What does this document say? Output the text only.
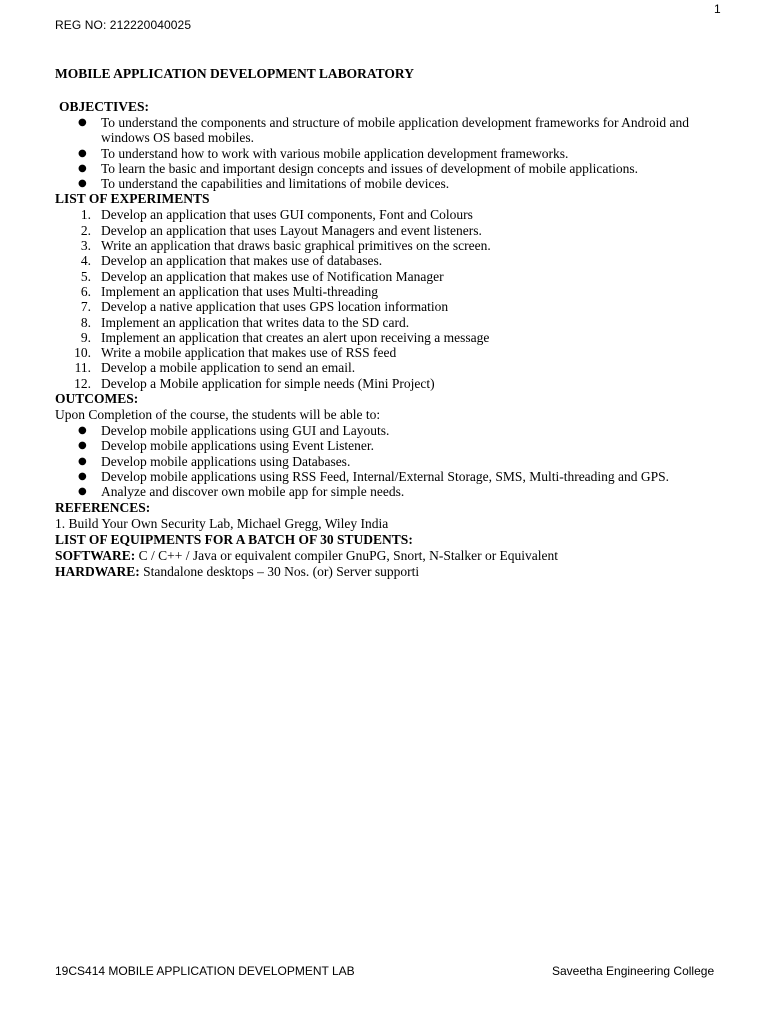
1
REG NO: 212220040025
MOBILE APPLICATION DEVELOPMENT LABORATORY
OBJECTIVES:
● To understand the components and structure of mobile application development frameworks for Android and windows OS based mobiles.
● To understand how to work with various mobile application development frameworks.
● To learn the basic and important design concepts and issues of development of mobile applications.
● To understand the capabilities and limitations of mobile devices.
LIST OF EXPERIMENTS
1. Develop an application that uses GUI components, Font and Colours
2. Develop an application that uses Layout Managers and event listeners.
3. Write an application that draws basic graphical primitives on the screen.
4. Develop an application that makes use of databases.
5. Develop an application that makes use of Notification Manager
6. Implement an application that uses Multi-threading
7. Develop a native application that uses GPS location information
8. Implement an application that writes data to the SD card.
9. Implement an application that creates an alert upon receiving a message
10. Write a mobile application that makes use of RSS feed
11. Develop a mobile application to send an email.
12. Develop a Mobile application for simple needs (Mini Project)
OUTCOMES:

Upon Completion of the course, the students will be able to:

● Develop mobile applications using GUI and Layouts.
● Develop mobile applications using Event Listener.
● Develop mobile applications using Databases.
● Develop mobile applications using RSS Feed, Internal/External Storage, SMS, Multi-threading and GPS.
● Analyze and discover own mobile app for simple needs.
REFERENCES:

1. Build Your Own Security Lab, Michael Gregg, Wiley India

LIST OF EQUIPMENTS FOR A BATCH OF 30 STUDENTS:

SOFTWARE: C / C++ / Java or equivalent compiler GnuPG, Snort, N-Stalker or Equivalent

HARDWARE: Standalone desktops – 30 Nos. (or) Server supporti

19CS414 MOBILE APPLICATION DEVELOPMENT LAB	Saveetha Engineering College
